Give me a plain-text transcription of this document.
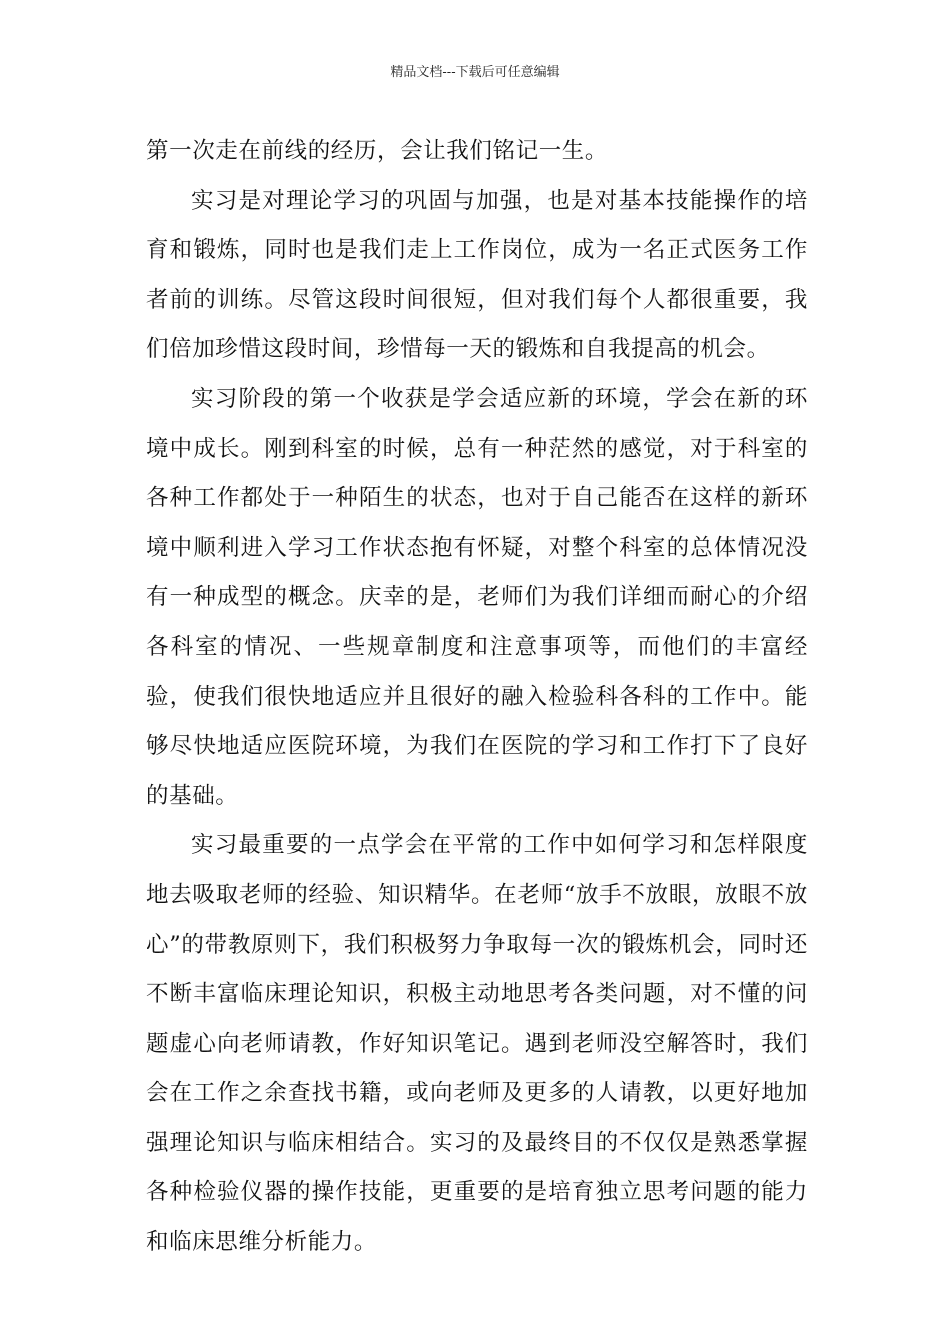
精品文档---下载后可任意编辑

第一次走在前线的经历，会让我们铭记一生。

实习是对理论学习的巩固与加强，也是对基本技能操作的培育和锻炼，同时也是我们走上工作岗位，成为一名正式医务工作者前的训练。尽管这段时间很短，但对我们每个人都很重要，我们倍加珍惜这段时间，珍惜每一天的锻炼和自我提高的机会。

实习阶段的第一个收获是学会适应新的环境，学会在新的环境中成长。刚到科室的时候，总有一种茫然的感觉，对于科室的各种工作都处于一种陌生的状态，也对于自己能否在这样的新环境中顺利进入学习工作状态抱有怀疑，对整个科室的总体情况没有一种成型的概念。庆幸的是，老师们为我们详细而耐心的介绍各科室的情况、一些规章制度和注意事项等，而他们的丰富经验，使我们很快地适应并且很好的融入检验科各科的工作中。能够尽快地适应医院环境，为我们在医院的学习和工作打下了良好的基础。

实习最重要的一点学会在平常的工作中如何学习和怎样限度地去吸取老师的经验、知识精华。在老师“放手不放眼，放眼不放心”的带教原则下，我们积极努力争取每一次的锻炼机会，同时还不断丰富临床理论知识，积极主动地思考各类问题，对不懂的问题虚心向老师请教，作好知识笔记。遇到老师没空解答时，我们会在工作之余查找书籍，或向老师及更多的人请教，以更好地加强理论知识与临床相结合。实习的及最终目的不仅仅是熟悉掌握各种检验仪器的操作技能，更重要的是培育独立思考问题的能力和临床思维分析能力。
